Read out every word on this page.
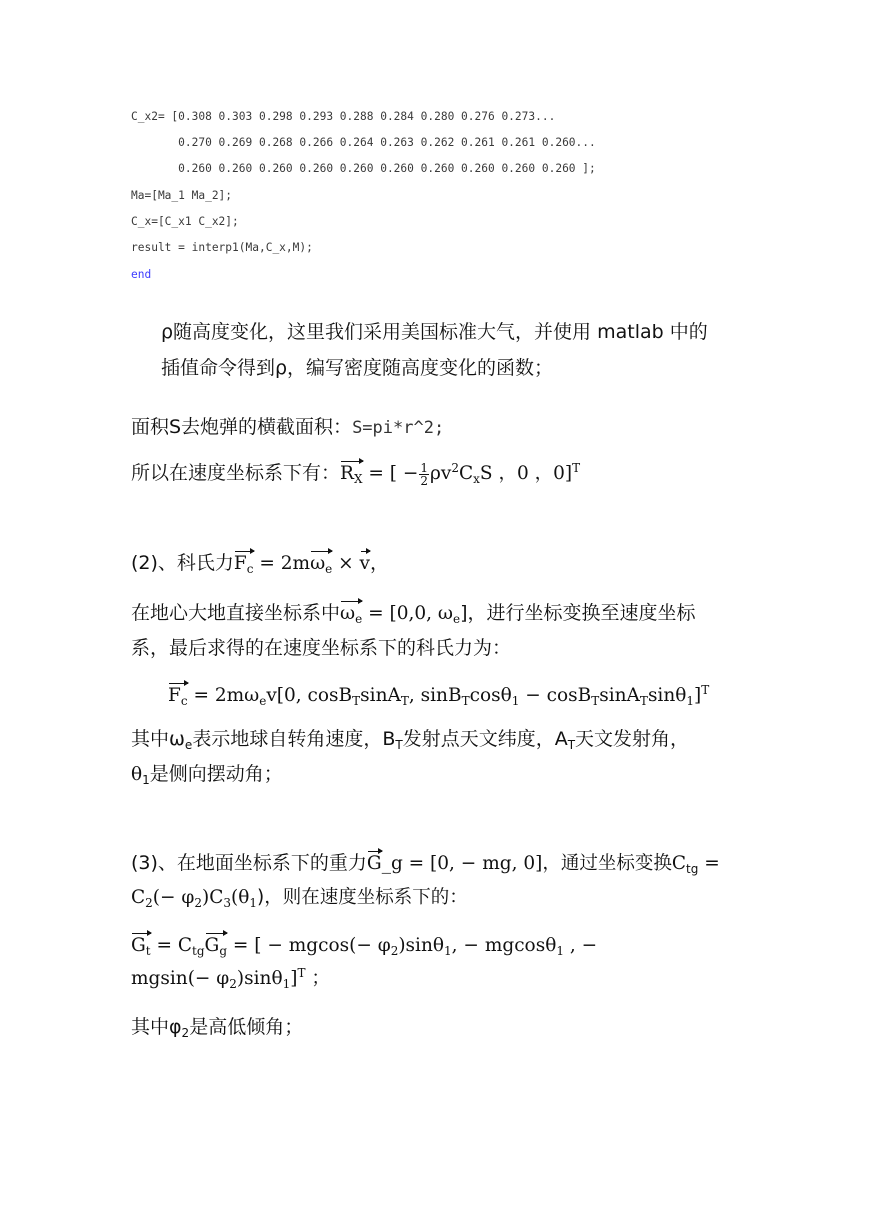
C_x2= [0.308 0.303 0.298 0.293 0.288 0.284 0.280 0.276 0.273...
0.270 0.269 0.268 0.266 0.264 0.263 0.262 0.261 0.261 0.260...
0.260 0.260 0.260 0.260 0.260 0.260 0.260 0.260 0.260 0.260 ];
Ma=[Ma_1 Ma_2];
C_x=[C_x1 C_x2];
result = interp1(Ma,C_x,M);
end
ρ随高度变化，这里我们采用美国标准大气，并使用 matlab 中的
插值命令得到ρ，编写密度随高度变化的函数；
面积S去炮弹的横截面积：S=pi*r^2;
所以在速度坐标系下有：$R_X$ = [ − $\frac{1}{2} \rho v^2C_xS$ ，0 ，0]$^T$
(2)、科氏力$F_c = 2m\omega_e \times v$，
在地心大地直接坐标系中$\omega_e = [0,0$, $\omega_e$]，进行坐标变换至速度坐标
系，最后求得的在速度坐标系下的科氏力为：
$F_c = 2m\omega_ev[0$, cosB$_T$sinA$_T$, sinB$_T$cosθ$_1$ − cosB$_T$sinA$_T$sinθ$_1$]$^T$
其中$\omega_e$表示地球自转角速度，$B_T$发射点天文纬度，$A_T$天文发射角，
$\theta_1$是侧向摆动角；
(3)、在地面坐标系下的重力G_g = [0, − mg, 0]，通过坐标变换$C_{tg}$ =
$C_2(- \varphi_2)C_3(\theta_1)$，则在速度坐标系下的：
$G_t = C_{tg}G_g$ = [ − $mgcos(- \varphi_2)\sin\theta_1$, − mgcosθ$_1$ , −
$mgsin(- \varphi_2)\sin\theta_1]^T$ ；
其中$\varphi_2$是高低倾角；
